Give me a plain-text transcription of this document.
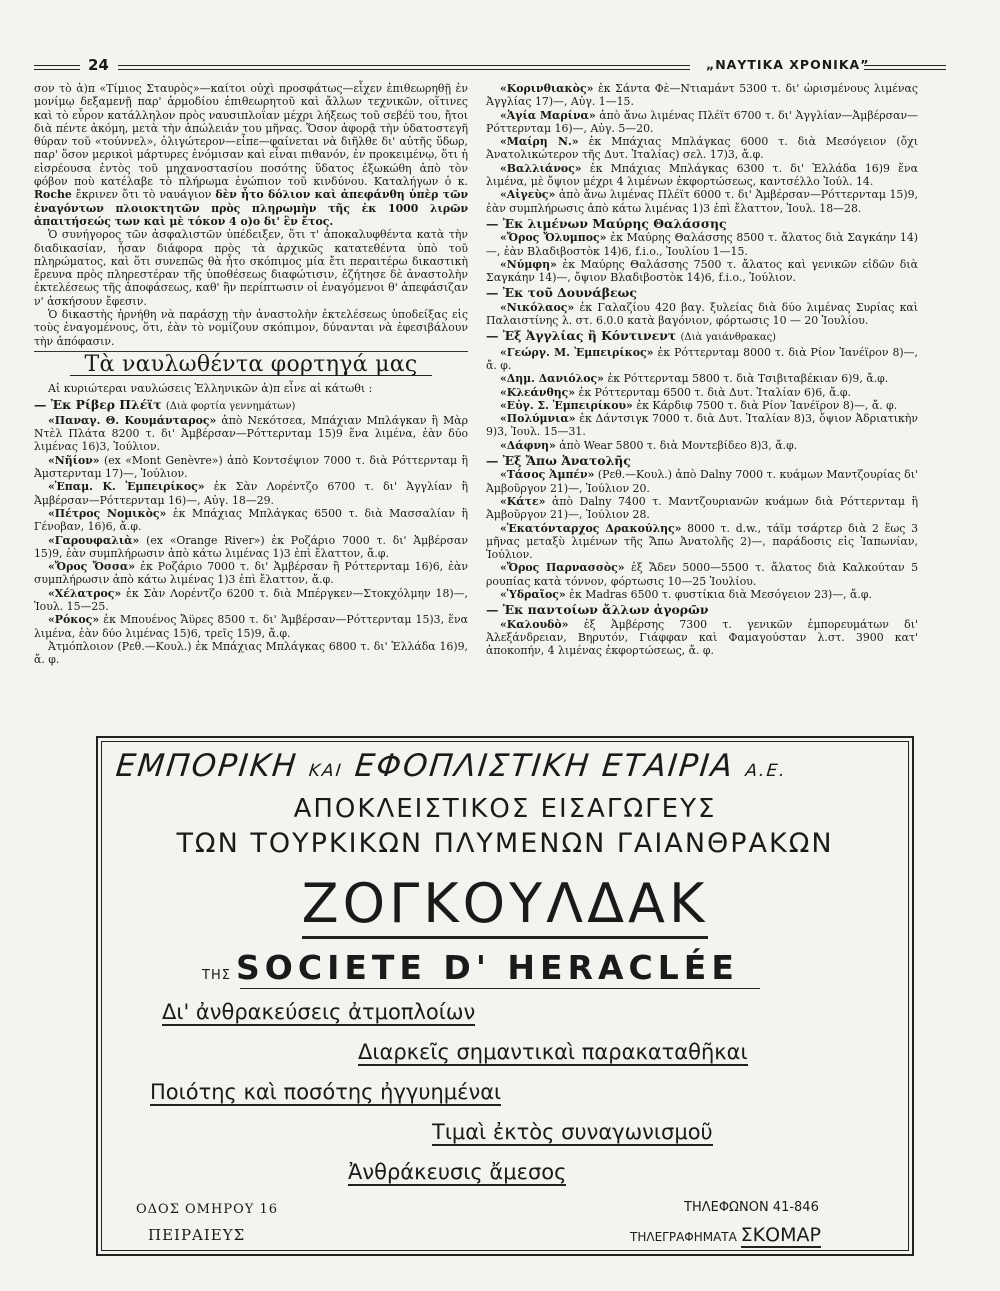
24	„ΝΑΥΤΙΚΑ ΧΡΟΝΙΚΑ”

σον τὸ ἀ)π «Τίμιος Σταυρὸς»—καίτοι οὐχὶ προσφάτως—εἶχεν ἐπιθεωρηθῇ ἐν μονίμῳ δεξαμενῇ παρ' ἁρμοδίου ἐπιθεωρητοῦ καὶ ἄλλων τεχνικῶν, οἵτινες καὶ τὸ εὗρον κατάλληλον πρὸς ναυσιπλοΐαν μέχρι λήξεως τοῦ σεβέϋ του, ἤτοι διὰ πέντε ἀκόμη, μετὰ τὴν ἀπώλειάν του μῆνας. Ὅσον ἀφορᾷ τὴν ὑδατοστεγῆ θύραν τοῦ «τούννελ», ὀλιγώτερον—εἶπε—φαίνεται νὰ διῆλθε δι' αὐτῆς ὕδωρ, παρ' ὅσον μερικοὶ μάρτυρες ἐνόμισαν καὶ εἶναι πιθανόν, ἐν προκειμένῳ, ὅτι ἡ εἰσρέουσα ἐντὸς τοῦ μηχανοστασίου ποσότης ὕδατος ἐξωκώθη ἀπὸ τὸν φόβον ποὺ κατέλαβε τὸ πλήρωμα ἐνώπιον τοῦ κινδύνου. Καταλήγων ὁ κ. Roche ἔκρινεν ὅτι τὸ ναυάγιον δὲν ἦτο δόλιον καὶ ἀπεφάνθη ὑπὲρ τῶν ἐναγόντων πλοιοκτητῶν πρὸς πληρωμὴν τῆς ἐκ 1000 λιρῶν ἀπαιτήσεώς των καὶ μὲ τόκον 4 ο)ο δι' ἓν ἔτος.

Ὁ συνήγορος τῶν ἀσφαλιστῶν ὑπέδειξεν, ὅτι τ' ἀποκαλυφθέντα κατὰ τὴν διαδικασίαν, ἦσαν διάφορα πρὸς τὰ ἀρχικῶς κατατεθέντα ὑπὸ τοῦ πληρώματος, καὶ ὅτι συνεπῶς θὰ ἦτο σκόπιμος μία ἔτι περαιτέρω δικαστικὴ ἔρευνα πρὸς πληρεστέραν τῆς ὑποθέσεως διαφώτισιν, ἐζήτησε δὲ ἀναστολὴν ἐκτελέσεως τῆς ἀποφάσεως, καθ' ἣν περίπτωσιν οἱ ἐναγόμενοι θ' ἀπεφάσιζαν ν' ἀσκήσουν ἔφεσιν.

Ὁ δικαστὴς ἠρνήθη νὰ παράσχῃ τὴν ἀναστολὴν ἐκτελέσεως ὑποδείξας εἰς τοὺς ἐναγομένους, ὅτι, ἐὰν τὸ νομίζουν σκόπιμον, δύνανται νὰ ἐφεσιβάλουν τὴν ἀπόφασιν.

Τὰ ναυλωθέντα φορτηγά μας

Αἱ κυριώτεραι ναυλώσεις Ἑλληνικῶν ἀ)π εἶνε αἱ κάτωθι :

— Ἐκ Ρίβερ Πλέϊτ (Διὰ φορτία γεννημάτων)

«Παναγ. Θ. Κουμάνταρος» ἀπὸ Νεκότσεα, Μπάχιαν Μπλάγκαν ἢ Μὰρ Ντὲλ Πλάτα 8200 τ. δι' Ἀμβέρσαν—Ρόττερνταμ 15)9 ἕνα λιμένα, ἐὰν δύο λιμένας 16)3, Ἰούλιον.

«Νῆίον» (ex «Mont Genèvre») ἀπὸ Κοντσέψιον 7000 τ. διὰ Ρόττερνταμ ἢ Ἀμστερνταμ 17)—, Ἰούλιον.

«Ἐπαμ. Κ. Ἐμπειρίκος» ἐκ Σὰν Λορέντζο 6700 τ. δι' Ἀγγλίαν ἢ Ἀμβέρσαν—Ρόττερνταμ 16)—, Αὐγ. 18—29.

«Πέτρος Νομικὸς» ἐκ Μπάχιας Μπλάγκας 6500 τ. διὰ Μασσαλίαν ἢ Γένοβαν, 16)6, ἄ.φ.

«Γαρουφαλιὰ» (ex «Orange River») ἐκ Ροζάριο 7000 τ. δι' Ἀμβέρσαν 15)9, ἐὰν συμπλήρωσιν ἀπὸ κάτω λιμένας 1)3 ἐπὶ ἔλαττον, ἄ.φ.

«Ὄρος Ὄσσα» ἐκ Ροζάριο 7000 τ. δι' Ἀμβέρσαν ἢ Ρόττερνταμ 16)6, ἐὰν συμπλήρωσιν ἀπὸ κάτω λιμένας 1)3 ἐπὶ ἔλαττον, ἄ.φ.

«Χέλατρος» ἐκ Σὰν Λορέντζο 6200 τ. διὰ Μπέργκεν—Στοκχόλμην 18)—, Ἰουλ. 15—25.

«Ρόκος» ἐκ Μπουένος Ἄϋρες 8500 τ. δι' Ἀμβέρσαν—Ρόττερνταμ 15)3, ἕνα λιμένα, ἐὰν δύο λιμένας 15)6, τρεῖς 15)9, ἄ.φ.

Ἀτμόπλοιον (Ρεθ.—Κουλ.) ἐκ Μπάχιας Μπλάγκας 6800 τ. δι' Ἑλλάδα 16)9, ἄ. φ.

«Κορινθιακὸς» ἐκ Σάντα Φὲ—Ντιαμάντ 5300 τ. δι' ὡρισμένους λιμένας Ἀγγλίας 17)—, Αὐγ. 1—15.

«Ἁγία Μαρίνα» ἀπὸ ἄνω λιμένας Πλέϊτ 6700 τ. δι' Ἀγγλίαν—Ἀμβέρσαν—Ρόττερνταμ 16)—, Αὐγ. 5—20.

«Μαίρη Ν.» ἐκ Μπάχιας Μπλάγκας 6000 τ. διὰ Μεσόγειον (ὄχι Ἀνατολικώτερον τῆς Δυτ. Ἰταλίας) σελ. 17)3, ἄ.φ.

«Βαλλιάνος» ἐκ Μπάχιας Μπλάγκας 6300 τ. δι' Ἑλλάδα 16)9 ἕνα λιμένα, μὲ ὄψιον μέχρι 4 λιμένων ἐκφορτώσεως, καντσέλλο Ἰούλ. 14.

«Αἰγεὺς» ἀπὸ ἄνω λιμένας Πλέϊτ 6000 τ. δι' Ἀμβέρσαν—Ρόττερνταμ 15)9, ἐὰν συμπλήρωσις ἀπὸ κάτω λιμένας 1)3 ἐπὶ ἔλαττον, Ἰουλ. 18—28.

— Ἐκ λιμένων Μαύρης Θαλάσσης

«Ὄρος Ὄλυμπος» ἐκ Μαύρης Θαλάσσης 8500 τ. ἄλατος διὰ Σαγκάην 14)—, ἐὰν Βλαδιβοστὸκ 14)6, f.i.o., Ἰουλίου 1—15.

«Νύμφη» ἐκ Μαύρης Θαλάσσης 7500 τ. ἄλατος καὶ γενικῶν εἰδῶν διὰ Σαγκάην 14)—, ὄψιον Βλαδιβοστὸκ 14)6, f.i.o., Ἰούλιον.

— Ἐκ τοῦ Δουνάβεως

«Νικόλαος» ἐκ Γαλαζίου 420 βαγ. ξυλείας διὰ δύο λιμένας Συρίας καὶ Παλαιστίνης λ. στ. 6.0.0 κατὰ βαγόνιον, φόρτωσις 10 — 20 Ἰουλίου.

— Ἐξ Ἀγγλίας ἢ Κόντινεντ (Διὰ γαιάνθρακας)

«Γεώργ. Μ. Ἐμπειρίκος» ἐκ Ρόττερνταμ 8000 τ. διὰ Ρίον Ἰανέϊρον 8)—, ἄ. φ.

«Δημ. Δανιόλος» ἐκ Ρόττερνταμ 5800 τ. διὰ Τσιβιταβέκιαν 6)9, ἄ.φ.

«Κλεάνθης» ἐκ Ρόττερνταμ 6500 τ. διὰ Δυτ. Ἰταλίαν 6)6, ἄ.φ.

«Εὐγ. Σ. Ἐμπειρίκου» ἐκ Κάρδιφ 7500 τ. διὰ Ρίον Ἰανέϊρον 8)—, ἄ. φ.

«Πολύμνια» ἐκ Δάντσιγκ 7000 τ. διὰ Δυτ. Ἰταλίαν 8)3, ὄψιον Ἀδριατικὴν 9)3, Ἰουλ. 15—31.

«Δάφνη» ἀπὸ Wear 5800 τ. διὰ Μοντεβίδεο 8)3, ἄ.φ.

— Ἐξ Ἄπω Ἀνατολῆς

«Τάσος Ἀμπέν» (Ρεθ.—Κουλ.) ἀπὸ Dalny 7000 τ. κυάμων Μαντζουρίας δι' Ἀμβοῦργον 21)—, Ἰούλιον 20.

«Κάτε» ἀπὸ Dalny 7400 τ. Μαντζουριανῶν κυάμων διὰ Ρόττερνταμ ἢ Ἀμβοῦργον 21)—, Ἰούλιον 28.

«Ἑκατόνταρχος Δρακούλης» 8000 τ. d.w., τάϊμ τσάρτερ διὰ 2 ἕως 3 μῆνας μεταξὺ λιμένων τῆς Ἄπω Ἀνατολῆς 2)—, παράδοσις εἰς Ἰαπωνίαν, Ἰούλιον.

«Ὄρος Παρνασσὸς» ἐξ Ἄδεν 5000—5500 τ. ἄλατος διὰ Καλκούταν 5 ρουπίας κατὰ τόννον, φόρτωσις 10—25 Ἰουλίου.

«Ὑδραῖος» ἐκ Madras 6500 τ. φυστίκια διὰ Μεσόγειον 23)—, ἄ.φ.

— Ἐκ παντοίων ἄλλων ἀγορῶν

«Καλουδὸ» ἐξ Ἀμβέρσης 7300 τ. γενικῶν ἐμπορευμάτων δι' Ἀλεξάνδρειαν, Βηρυτόν, Γιάφφαν καὶ Φαμαγούσταν λ.στ. 3900 κατ' ἀποκοπήν, 4 λιμένας ἐκφορτώσεως, ἄ. φ.

ΕΜΠΟΡΙΚΗ ΚΑΙ ΕΦΟΠΛΙΣΤΙΚΗ ΕΤΑΙΡΙΑ Α.Ε.
ΑΠΟΚΛΕΙΣΤΙΚΟΣ ΕΙΣΑΓΩΓΕΥΣ
ΤΩΝ ΤΟΥΡΚΙΚΩΝ ΠΛΥΜΕΝΩΝ ΓΑΙΑΝΘΡΑΚΩΝ
ΖΟΓΚΟΥΛΔΑΚ
ΤΗΣ SOCIETE D' HERACLÉE
Δι' ἀνθρακεύσεις ἀτμοπλοίων
Διαρκεῖς σημαντικαὶ παρακαταθῆκαι
Ποιότης καὶ ποσότης ἠγγυημέναι
Τιμαὶ ἐκτὸς συναγωνισμοῦ
Ἀνθράκευσις ἄμεσος
ΟΔΟΣ ΟΜΗΡΟΥ 16
ΠΕΙΡΑΙΕΥΣ
ΤΗΛΕΦΩΝΟΝ 41-846
ΤΗΛΕΓΡΑΦΗΜΑΤΑ ΣΚΟΜΑΡ
